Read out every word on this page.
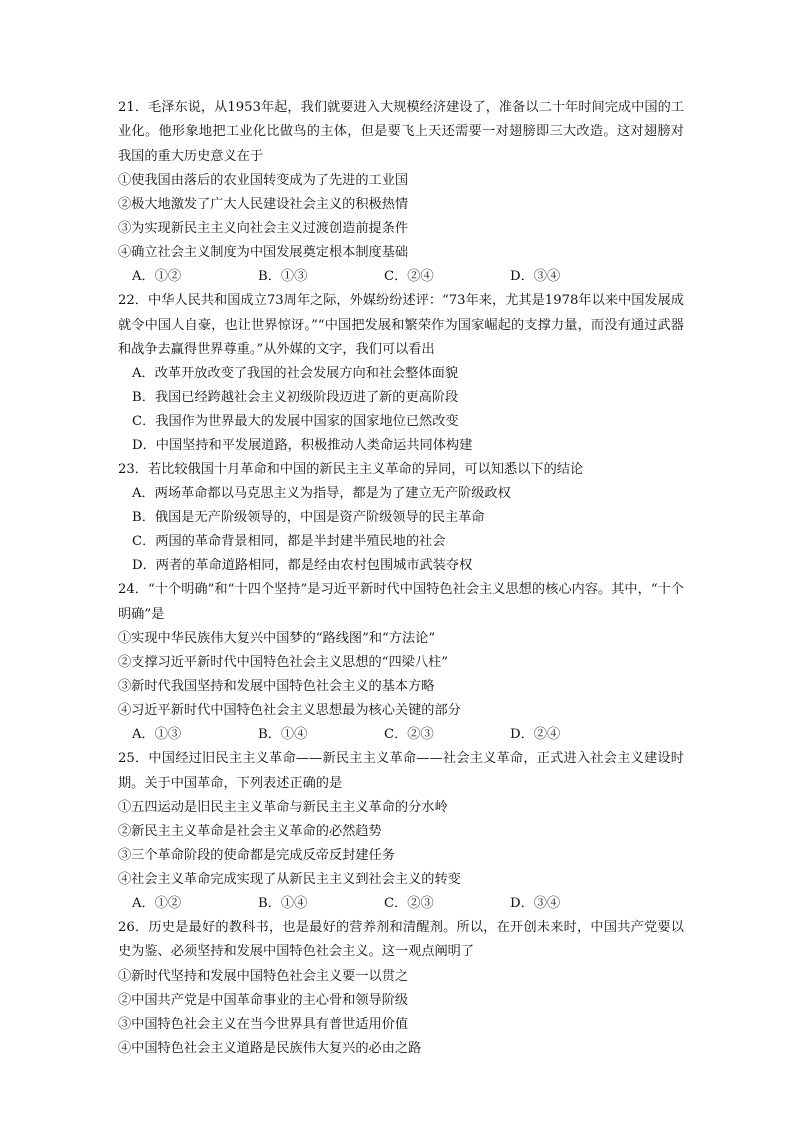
21．毛泽东说，从1953年起，我们就要进入大规模经济建设了，准备以二十年时间完成中国的工业化。他形象地把工业化比做鸟的主体，但是要飞上天还需要一对翅膀即三大改造。这对翅膀对我国的重大历史意义在于
①使我国由落后的农业国转变成为了先进的工业国
②极大地激发了广大人民建设社会主义的积极热情
③为实现新民主主义向社会主义过渡创造前提条件
④确立社会主义制度为中国发展奠定根本制度基础
A．①②	B．①③	C．②④	D．③④
22．中华人民共和国成立73周年之际，外媒纷纷述评：“73年来，尤其是1978年以来中国发展成就令中国人自豪，也让世界惊讶。”“中国把发展和繁荣作为国家崛起的支撑力量，而没有通过武器和战争去赢得世界尊重。”从外媒的文字，我们可以看出
A．改革开放改变了我国的社会发展方向和社会整体面貌
B．我国已经跨越社会主义初级阶段迈进了新的更高阶段
C．我国作为世界最大的发展中国家的国家地位已然改变
D．中国坚持和平发展道路，积极推动人类命运共同体构建
23．若比较俄国十月革命和中国的新民主主义革命的异同，可以知悉以下的结论
A．两场革命都以马克思主义为指导，都是为了建立无产阶级政权
B．俄国是无产阶级领导的，中国是资产阶级领导的民主革命
C．两国的革命背景相同，都是半封建半殖民地的社会
D．两者的革命道路相同，都是经由农村包围城市武装夺权
24．“十个明确”和“十四个坚持”是习近平新时代中国特色社会主义思想的核心内容。其中，“十个明确”是
①实现中华民族伟大复兴中国梦的“路线图”和“方法论”
②支撑习近平新时代中国特色社会主义思想的“四梁八柱”
③新时代我国坚持和发展中国特色社会主义的基本方略
④习近平新时代中国特色社会主义思想最为核心关键的部分
A．①③	B．①④	C．②③	D．②④
25．中国经过旧民主主义革命——新民主主义革命——社会主义革命，正式进入社会主义建设时期。关于中国革命，下列表述正确的是
①五四运动是旧民主主义革命与新民主主义革命的分水岭
②新民主主义革命是社会主义革命的必然趋势
③三个革命阶段的使命都是完成反帝反封建任务
④社会主义革命完成实现了从新民主主义到社会主义的转变
A．①②	B．①④	C．②③	D．③④
26．历史是最好的教科书，也是最好的营养剂和清醒剂。所以，在开创未来时，中国共产党要以史为鉴、必须坚持和发展中国特色社会主义。这一观点阐明了
①新时代坚持和发展中国特色社会主义要一以贯之
②中国共产党是中国革命事业的主心骨和领导阶级
③中国特色社会主义在当今世界具有普世适用价值
④中国特色社会主义道路是民族伟大复兴的必由之路
